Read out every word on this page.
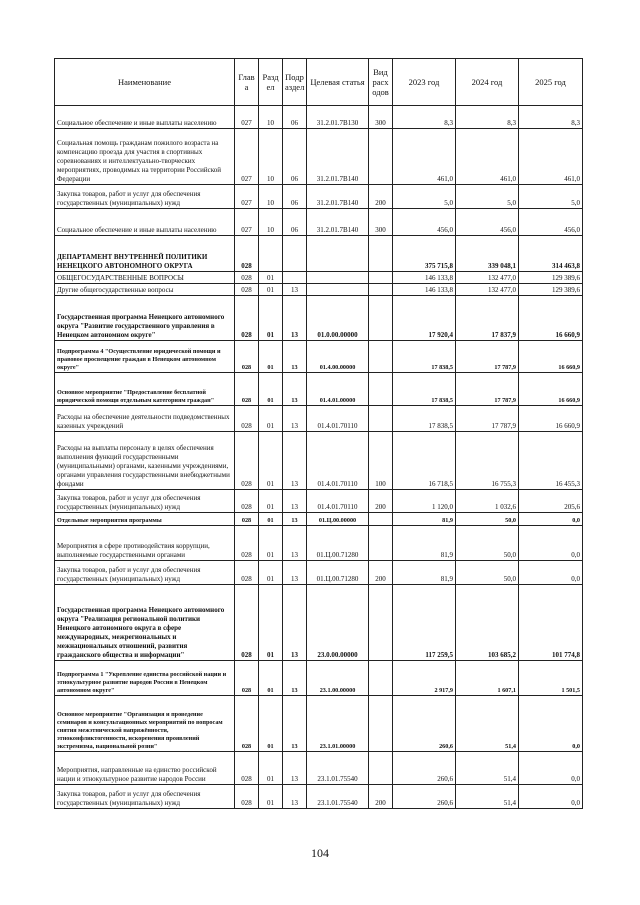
Наименование	Глав а	Разд ел	Подр аздел	Целевая статья	Вид расх одов	2023 год	2024 год	2025 год
Социальное обеспечение и иные выплаты населению	027	10	06	31.2.01.7В130	300	8,3	8,3	8,3
Социальная помощь гражданам пожилого возраста на компенсацию проезда для участия в спортивных соревнованиях и интеллектуально-творческих мероприятиях, проводимых на территории Российской Федерации	027	10	06	31.2.01.7В140		461,0	461,0	461,0
Закупка товаров, работ и услуг для обеспечения государственных (муниципальных) нужд	027	10	06	31.2.01.7В140	200	5,0	5,0	5,0
Социальное обеспечение и иные выплаты населению	027	10	06	31.2.01.7В140	300	456,0	456,0	456,0
ДЕПАРТАМЕНТ ВНУТРЕННЕЙ ПОЛИТИКИ НЕНЕЦКОГО АВТОНОМНОГО ОКРУГА	028					375 715,8	339 048,1	314 463,8
ОБЩЕГОСУДАРСТВЕННЫЕ ВОПРОСЫ	028	01				146 133,8	132 477,0	129 389,6
Другие общегосударственные вопросы	028	01	13			146 133,8	132 477,0	129 389,6
Государственная программа Ненецкого автономного округа "Развитие государственного управления в Ненецком автономном округе"	028	01	13	01.0.00.00000		17 920,4	17 837,9	16 660,9
Подпрограмма 4 "Осуществление юридической помощи и правовое просвещение граждан в Ненецком автономном округе"	028	01	13	01.4.00.00000		17 838,5	17 787,9	16 660,9
Основное мероприятие "Предоставление бесплатной юридической помощи отдельным категориям граждан"	028	01	13	01.4.01.00000		17 838,5	17 787,9	16 660,9
Расходы на обеспечение деятельности подведомственных казенных учреждений	028	01	13	01.4.01.70110		17 838,5	17 787,9	16 660,9
Расходы на выплаты персоналу в целях обеспечения выполнения функций государственными (муниципальными) органами, казенными учреждениями, органами управления государственными внебюджетными фондами	028	01	13	01.4.01.70110	100	16 718,5	16 755,3	16 455,3
Закупка товаров, работ и услуг для обеспечения государственных (муниципальных) нужд	028	01	13	01.4.01.70110	200	1 120,0	1 032,6	205,6
Отдельные мероприятия программы	028	01	13	01.Ц.00.00000		81,9	50,0	0,0
Мероприятия в сфере противодействия коррупции, выполняемые государственными органами	028	01	13	01.Ц.00.71280		81,9	50,0	0,0
Закупка товаров, работ и услуг для обеспечения государственных (муниципальных) нужд	028	01	13	01.Ц.00.71280	200	81,9	50,0	0,0
Государственная программа Ненецкого автономного округа "Реализация региональной политики Ненецкого автономного округа в сфере международных, межрегиональных и межнациональных отношений, развития гражданского общества и информации"	028	01	13	23.0.00.00000		117 259,5	103 685,2	101 774,8
Подпрограмма 1 "Укрепление единства российской нации и этнокультурное развитие народов России в Ненецком автономном округе"	028	01	13	23.1.00.00000		2 917,9	1 607,1	1 501,5
Основное мероприятие "Организация и проведение семинаров и консультационных мероприятий по вопросам снятия межэтнической напряжённости, этноконфликтогенности, искоренения проявлений экстремизма, национальной розни"	028	01	13	23.1.01.00000		260,6	51,4	0,0
Мероприятия, направленные на единство российской нации и этнокультурное развитие народов России	028	01	13	23.1.01.75540		260,6	51,4	0,0
Закупка товаров, работ и услуг для обеспечения государственных (муниципальных) нужд	028	01	13	23.1.01.75540	200	260,6	51,4	0,0
104
